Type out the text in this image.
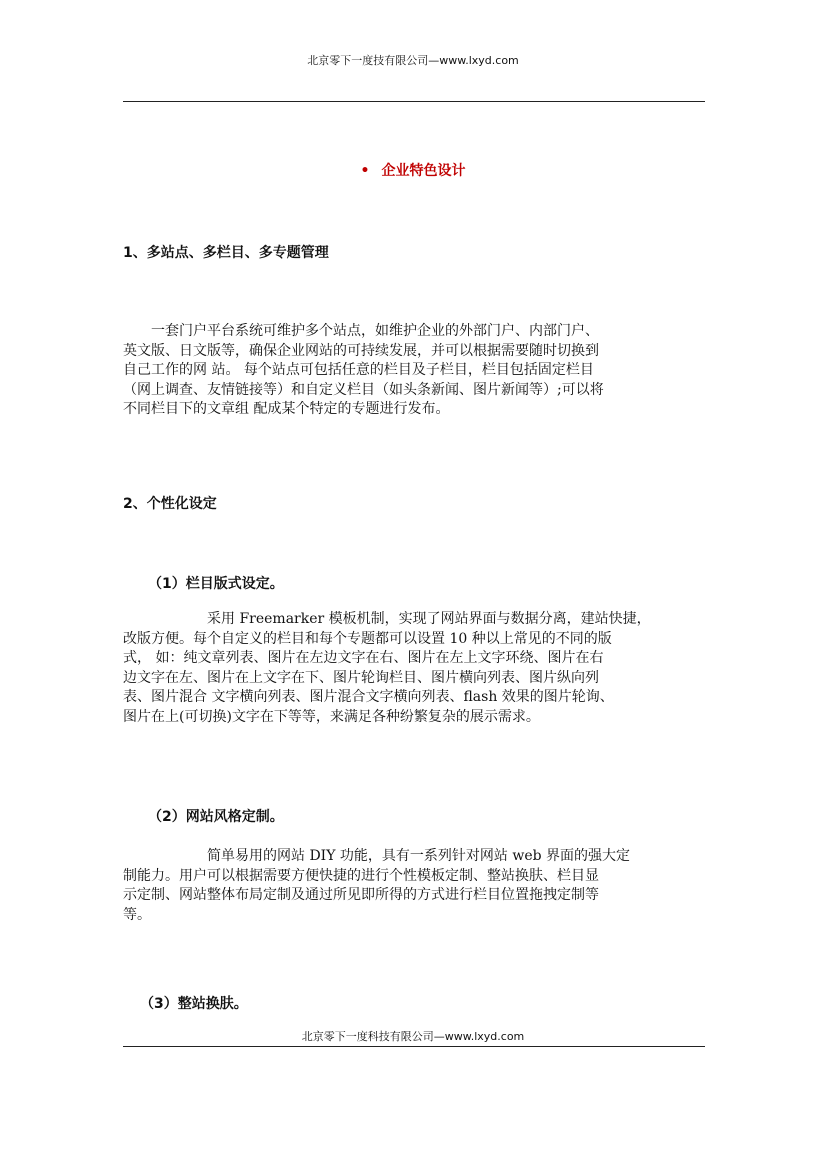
北京零下一度技有限公司—www.lxyd.com
• 企业特色设计
1、多站点、多栏目、多专题管理
　　一套门户平台系统可维护多个站点，如维护企业的外部门户、内部门户、
英文版、日文版等，确保企业网站的可持续发展，并可以根据需要随时切换到
自己工作的网 站。 每个站点可包括任意的栏目及子栏目，栏目包括固定栏目
（网上调查、友情链接等）和自定义栏目（如头条新闻、图片新闻等）;可以将
不同栏目下的文章组 配成某个特定的专题进行发布。
2、个性化设定
（1）栏目版式设定。
　　　　　　采用 Freemarker 模板机制，实现了网站界面与数据分离，建站快捷，
改版方便。每个自定义的栏目和每个专题都可以设置 10 种以上常见的不同的版
式， 如：纯文章列表、图片在左边文字在右、图片在左上文字环绕、图片在右
边文字在左、图片在上文字在下、图片轮询栏目、图片横向列表、图片纵向列
表、图片混合 文字横向列表、图片混合文字横向列表、flash 效果的图片轮询、
图片在上(可切换)文字在下等等，来满足各种纷繁复杂的展示需求。
（2）网站风格定制。
　　　　　　简单易用的网站 DIY 功能，具有一系列针对网站 web 界面的强大定
制能力。用户可以根据需要方便快捷的进行个性模板定制、整站换肤、栏目显
示定制、网站整体布局定制及通过所见即所得的方式进行栏目位置拖拽定制等
等。
（3）整站换肤。
北京零下一度科技有限公司—www.lxyd.com
